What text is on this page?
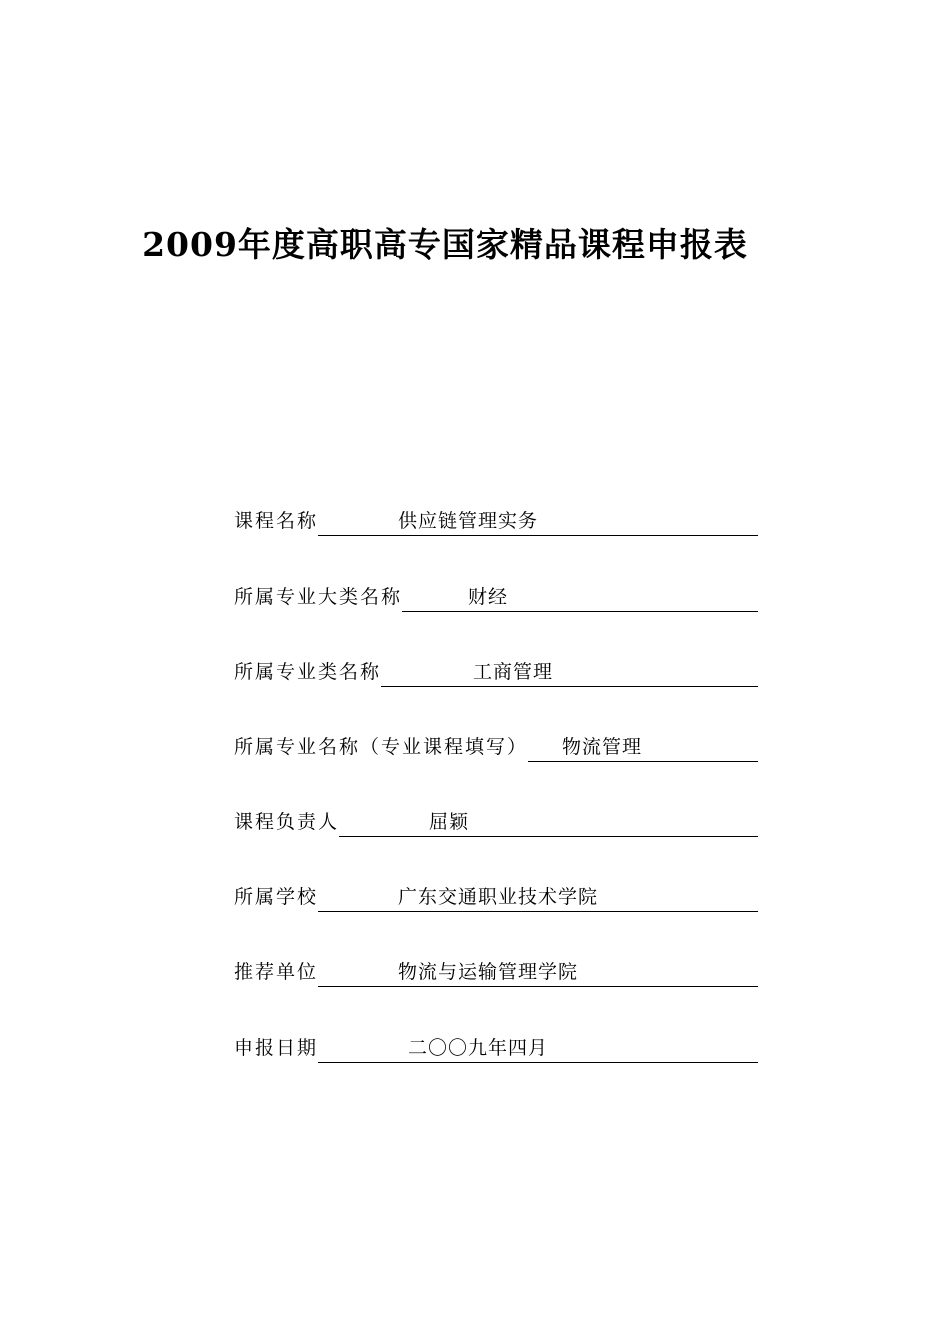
2009年度高职高专国家精品课程申报表
课程名称	供应链管理实务
所属专业大类名称	财经
所属专业类名称	工商管理
所属专业名称（专业课程填写） 物流管理
课程负责人	屈颖
所属学校	广东交通职业技术学院
推荐单位	物流与运输管理学院
申报日期	二〇〇九年四月
